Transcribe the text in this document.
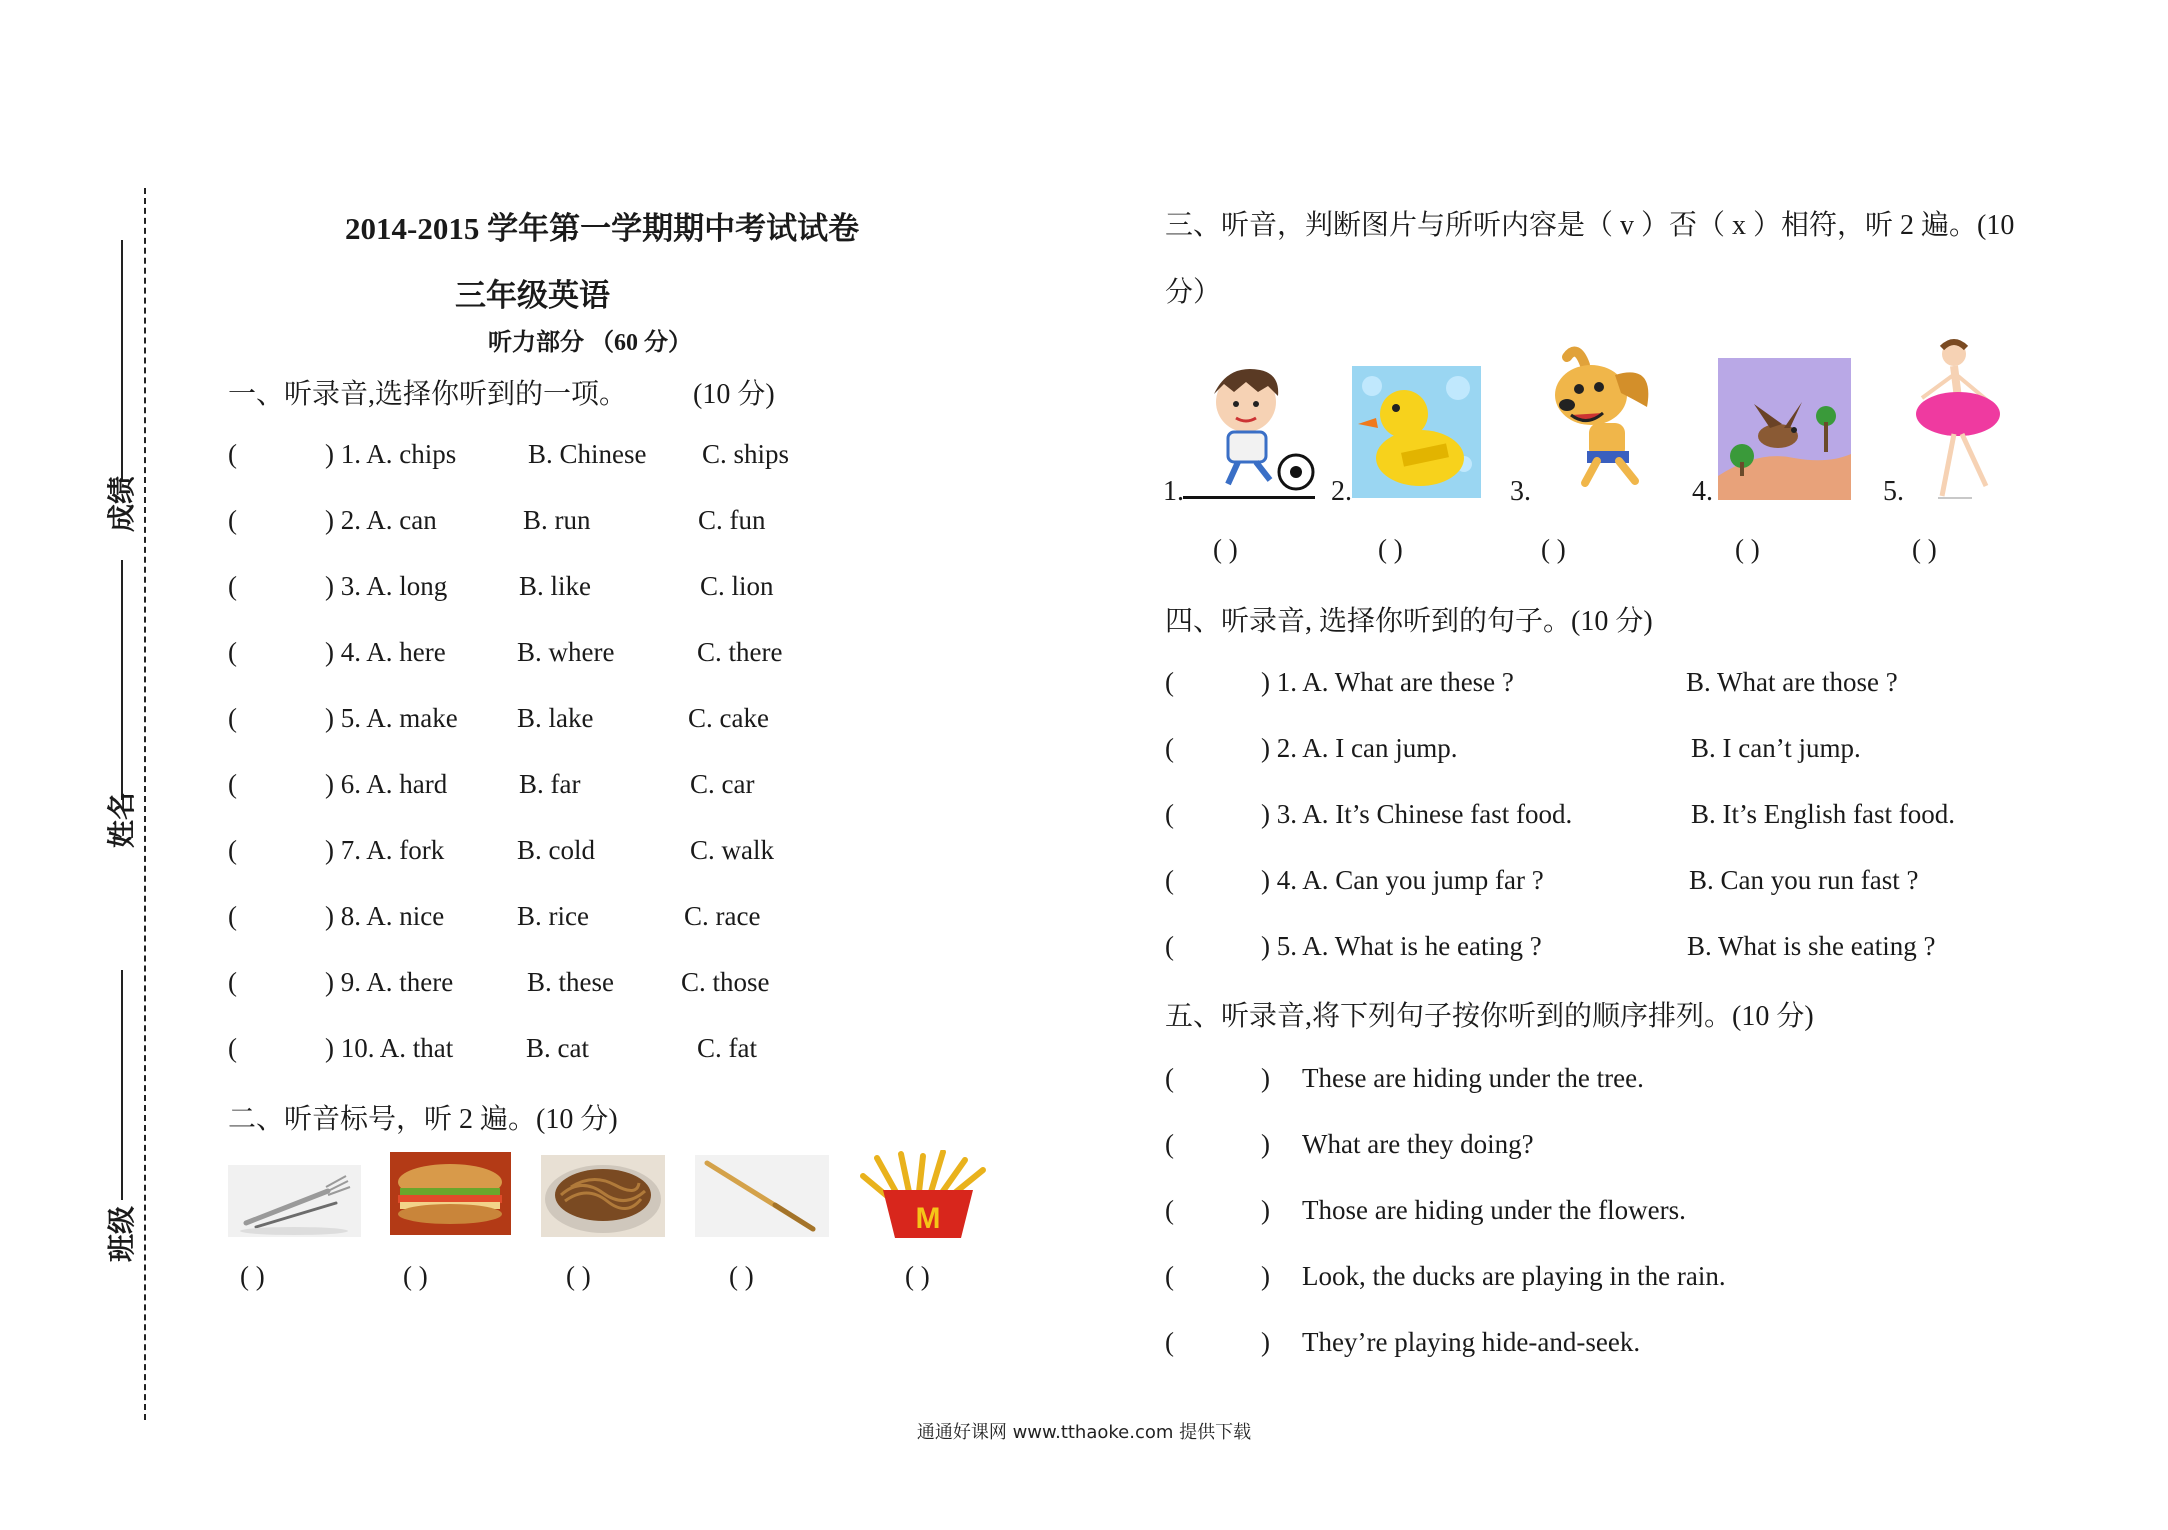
成绩
姓名
班级
2014-2015 学年第一学期期中考试试卷
三年级英语
听力部分 （60 分）
一、听录音,选择你听到的一项。 (10 分)
(	) 1. A. chips	B. Chinese C. ships
(	) 2. A. can	B. run	C. fun
(	) 3. A. long	B. like	C. lion
(	) 4. A. here	B. where	C. there
(	) 5. A. make B. lake	C. cake
(	) 6. A. hard	B. far	C. car
(	) 7. A. fork	B. cold	C. walk
(	) 8. A. nice	B. rice	C. race
(	) 9. A. there	B. these C. those
(	) 10. A. that	B. cat	C. fat
二、听音标号，听 2 遍。(10 分)
M
( )	( )	( )	( )	( )
三、听音，判断图片与所听内容是（ v ）否（ x ）相符，听 2 遍。(10
分）
1.	2.	3.	4.	5.
( )	( )	( )	( )	( )
四、听录音, 选择你听到的句子。(10 分)
(	) 1. A. What are these ?	B. What are those ?
(	) 2. A. I can jump.	B. I can’t jump.
(	) 3. A. It’s Chinese fast food.	B. It’s English fast food.
(	) 4. A. Can you jump far ?	B. Can you run fast ?
(	) 5. A. What is he eating ?	B. What is she eating ?
五、听录音,将下列句子按你听到的顺序排列。(10 分)
(	) These are hiding under the tree.
(	) What are they doing?
(	) Those are hiding under the flowers.
(	) Look, the ducks are playing in the rain.
(	) They’re playing hide-and-seek.
通通好课网 www.tthaoke.com 提供下载
